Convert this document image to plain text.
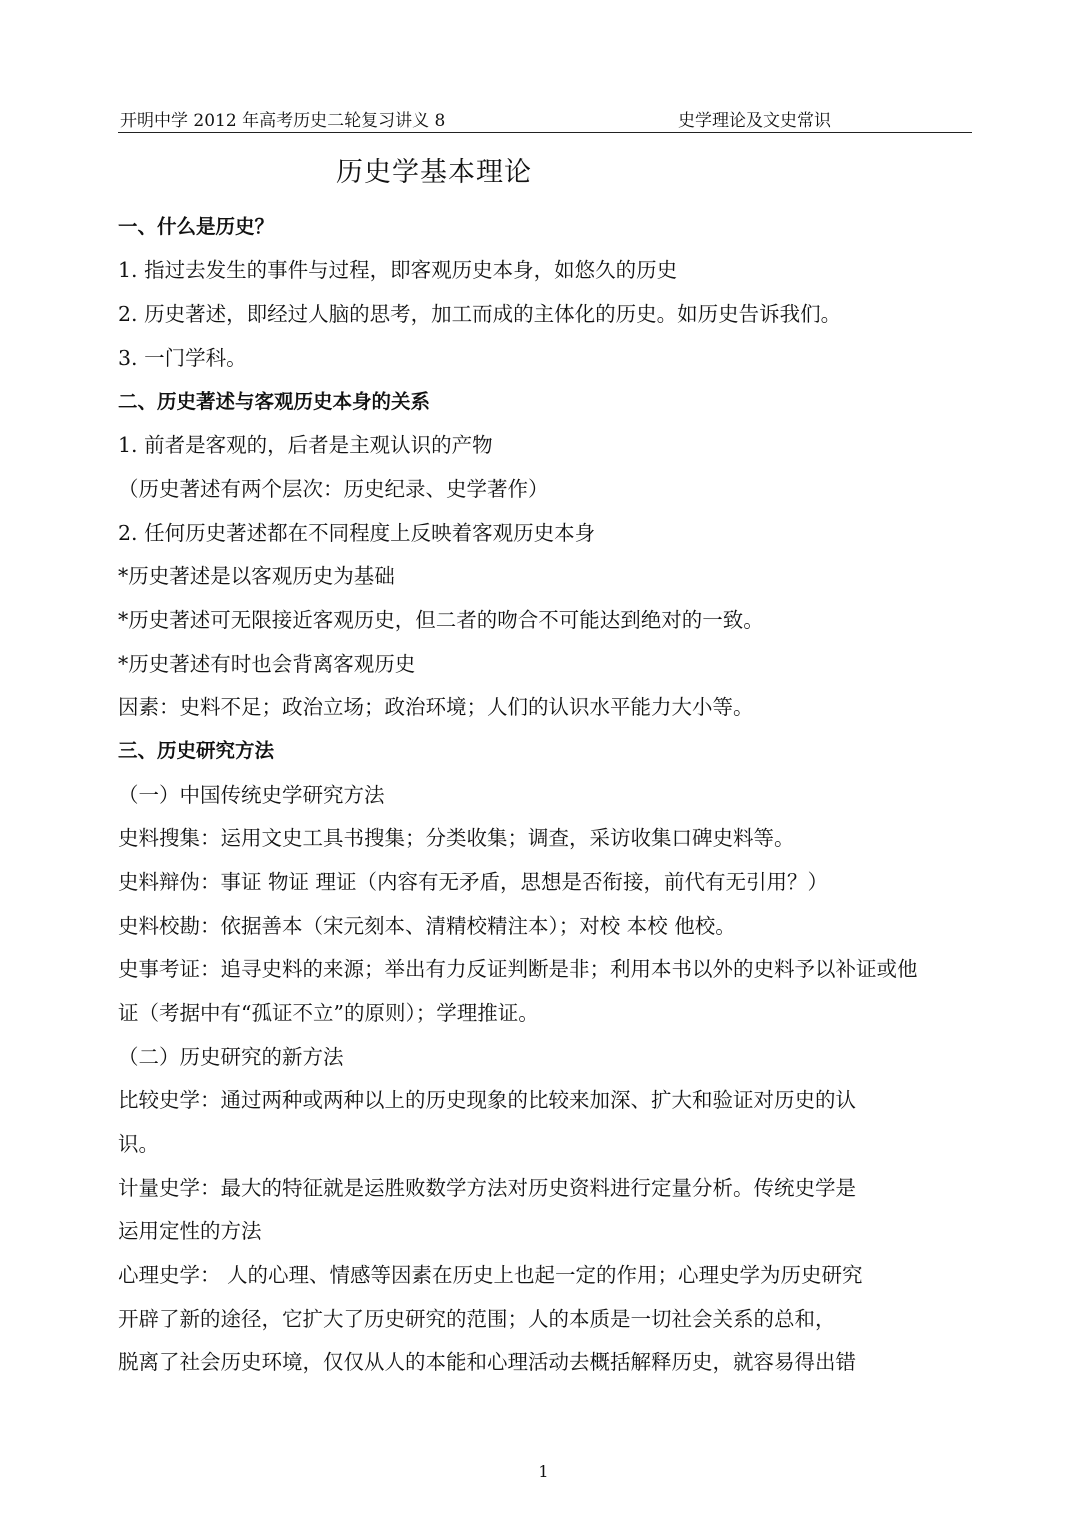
开明中学 2012 年高考历史二轮复习讲义 8	史学理论及文史常识
历史学基本理论
一、什么是历史？
1. 指过去发生的事件与过程，即客观历史本身，如悠久的历史
2. 历史著述，即经过人脑的思考，加工而成的主体化的历史。如历史告诉我们。
3. 一门学科。
二、历史著述与客观历史本身的关系
1. 前者是客观的，后者是主观认识的产物
（历史著述有两个层次：历史纪录、史学著作）
2. 任何历史著述都在不同程度上反映着客观历史本身
*历史著述是以客观历史为基础
*历史著述可无限接近客观历史，但二者的吻合不可能达到绝对的一致。
*历史著述有时也会背离客观历史
因素：史料不足；政治立场；政治环境；人们的认识水平能力大小等。
三、历史研究方法
（一）中国传统史学研究方法
史料搜集：运用文史工具书搜集；分类收集；调查，采访收集口碑史料等。
史料辩伪：事证 物证 理证（内容有无矛盾，思想是否衔接，前代有无引用？）
史料校勘：依据善本（宋元刻本、清精校精注本）；对校 本校 他校。
史事考证：追寻史料的来源；举出有力反证判断是非；利用本书以外的史料予以补证或他
证（考据中有“孤证不立”的原则）；学理推证。
（二）历史研究的新方法
比较史学：通过两种或两种以上的历史现象的比较来加深、扩大和验证对历史的认
识。
计量史学：最大的特征就是运胜败数学方法对历史资料进行定量分析。传统史学是
运用定性的方法
心理史学： 人的心理、情感等因素在历史上也起一定的作用；心理史学为历史研究
开辟了新的途径，它扩大了历史研究的范围；人的本质是一切社会关系的总和，
脱离了社会历史环境，仅仅从人的本能和心理活动去概括解释历史，就容易得出错
1
